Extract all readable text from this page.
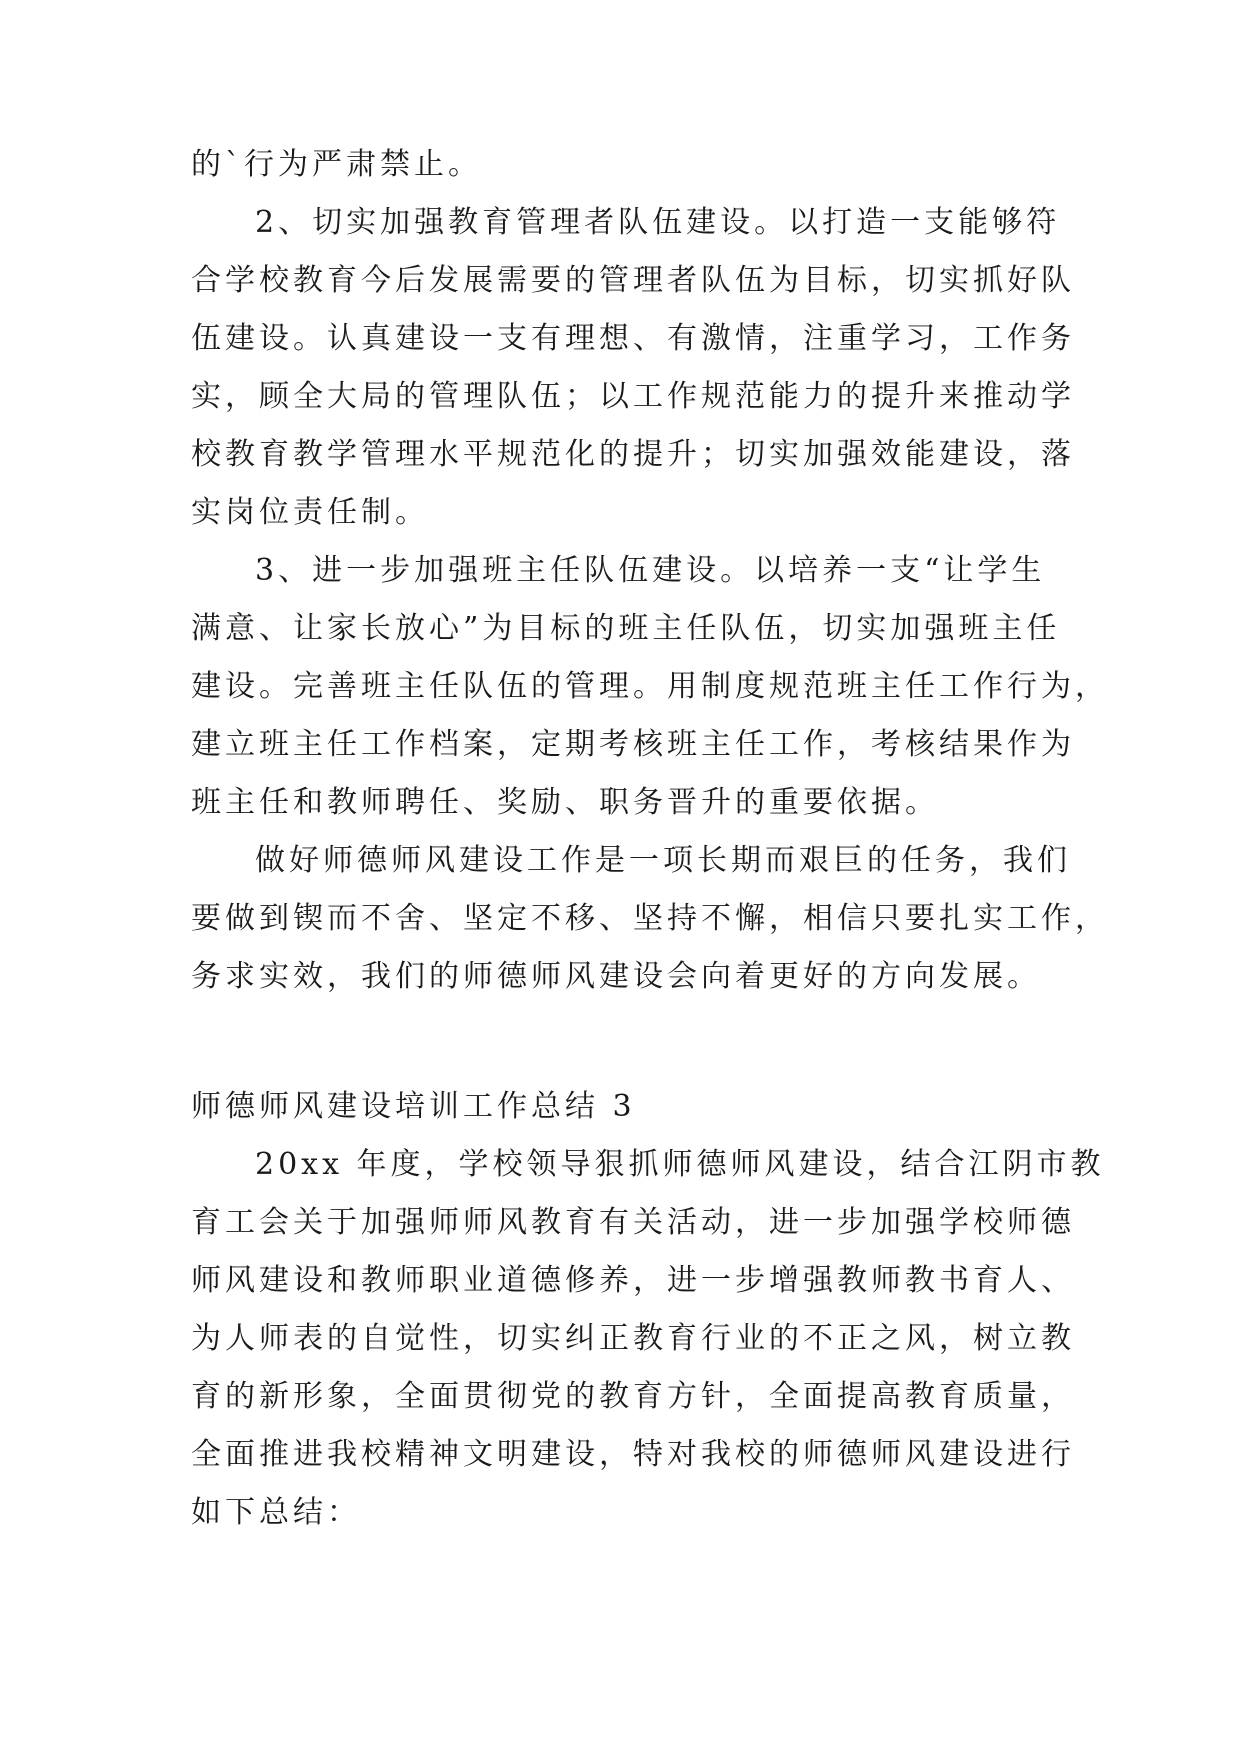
的`行为严肃禁止。
2、切实加强教育管理者队伍建设。以打造一支能够符
合学校教育今后发展需要的管理者队伍为目标，切实抓好队
伍建设。认真建设一支有理想、有激情，注重学习，工作务
实，顾全大局的管理队伍；以工作规范能力的提升来推动学
校教育教学管理水平规范化的提升；切实加强效能建设，落
实岗位责任制。
3、进一步加强班主任队伍建设。以培养一支“让学生
满意、让家长放心”为目标的班主任队伍，切实加强班主任
建设。完善班主任队伍的管理。用制度规范班主任工作行为，
建立班主任工作档案，定期考核班主任工作，考核结果作为
班主任和教师聘任、奖励、职务晋升的重要依据。
做好师德师风建设工作是一项长期而艰巨的任务，我们
要做到锲而不舍、坚定不移、坚持不懈，相信只要扎实工作，
务求实效，我们的师德师风建设会向着更好的方向发展。
师德师风建设培训工作总结 3
20xx 年度，学校领导狠抓师德师风建设，结合江阴市教
育工会关于加强师师风教育有关活动，进一步加强学校师德
师风建设和教师职业道德修养，进一步增强教师教书育人、
为人师表的自觉性，切实纠正教育行业的不正之风，树立教
育的新形象，全面贯彻党的教育方针，全面提高教育质量，
全面推进我校精神文明建设，特对我校的师德师风建设进行
如下总结：
